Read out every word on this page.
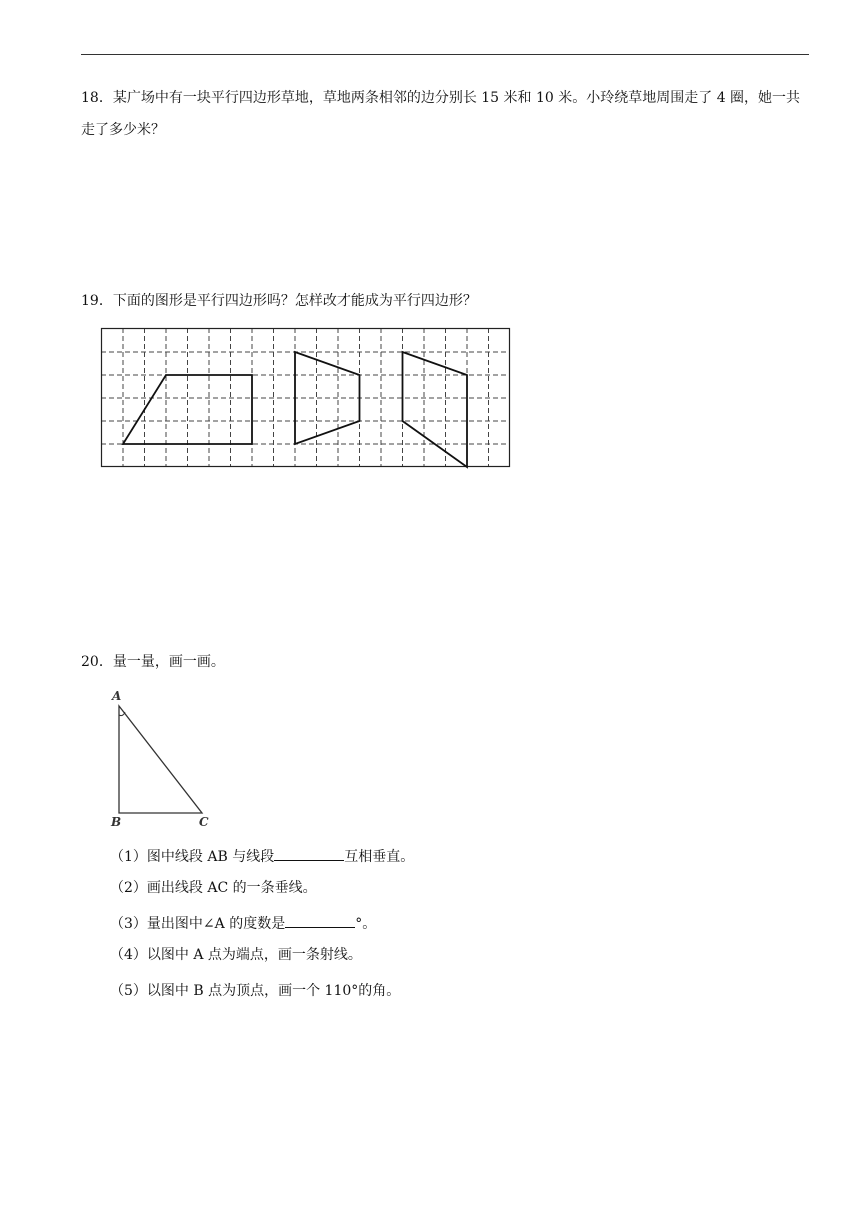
18．某广场中有一块平行四边形草地，草地两条相邻的边分别长 15 米和 10 米。小玲绕草地周围走了 4 圈，她一共走了多少米？
19．下面的图形是平行四边形吗？怎样改才能成为平行四边形？
20．量一量，画一画。
A
B	C
（1）图中线段 AB 与线段	互相垂直。
（2）画出线段 AC 的一条垂线。
（3）量出图中∠A 的度数是	°。
（4）以图中 A 点为端点，画一条射线。
（5）以图中 B 点为顶点，画一个 110°的角。
